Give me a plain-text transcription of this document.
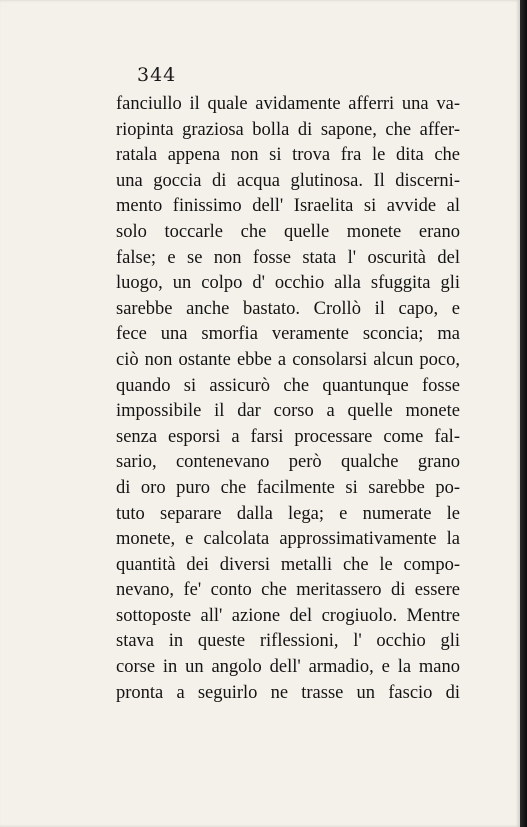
344
fanciullo il quale avidamente afferri una va-
riopinta graziosa bolla di sapone, che affer-
ratala appena non si trova fra le dita che
una goccia di acqua glutinosa. Il discerni-
mento finissimo dell' Israelita si avvide al
solo toccarle che quelle monete erano
false; e se non fosse stata l' oscurità del
luogo, un colpo d' occhio alla sfuggita gli
sarebbe anche bastato. Crollò il capo, e
fece una smorfia veramente sconcia; ma
ciò non ostante ebbe a consolarsi alcun poco,
quando si assicurò che quantunque fosse
impossibile il dar corso a quelle monete
senza esporsi a farsi processare come fal-
sario, contenevano però qualche grano
di oro puro che facilmente si sarebbe po-
tuto separare dalla lega; e numerate le
monete, e calcolata approssimativamente la
quantità dei diversi metalli che le compo-
nevano, fe' conto che meritassero di essere
sottoposte all' azione del crogiuolo. Mentre
stava in queste riflessioni, l' occhio gli
corse in un angolo dell' armadio, e la mano
pronta a seguirlo ne trasse un fascio di
